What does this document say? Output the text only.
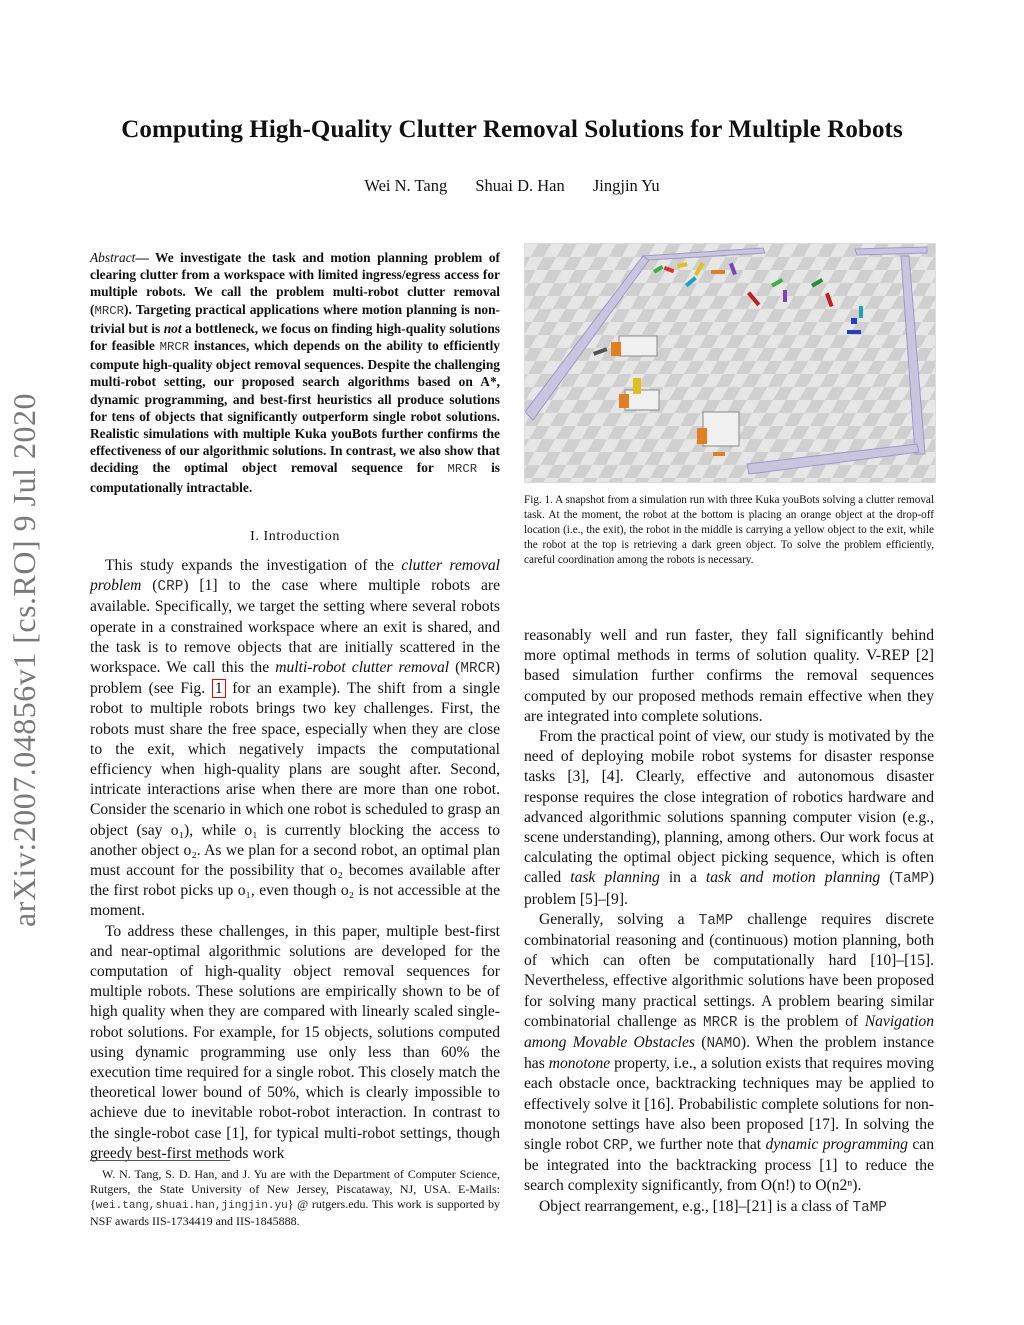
arXiv:2007.04856v1 [cs.RO] 9 Jul 2020
Computing High-Quality Clutter Removal Solutions for Multiple Robots
Wei N. Tang Shuai D. Han Jingjin Yu
Abstract— We investigate the task and motion planning problem of clearing clutter from a workspace with limited ingress/egress access for multiple robots. We call the problem multi-robot clutter removal (MRCR). Targeting practical applications where motion planning is non-trivial but is not a bottleneck, we focus on finding high-quality solutions for feasible MRCR instances, which depends on the ability to efficiently compute high-quality object removal sequences. Despite the challenging multi-robot setting, our proposed search algorithms based on A*, dynamic programming, and best-first heuristics all produce solutions for tens of objects that significantly outperform single robot solutions. Realistic simulations with multiple Kuka youBots further confirms the effectiveness of our algorithmic solutions. In contrast, we also show that deciding the optimal object removal sequence for MRCR is computationally intractable.
I. Introduction

This study expands the investigation of the clutter removal problem (CRP) [1] to the case where multiple robots are available. Specifically, we target the setting where several robots operate in a constrained workspace where an exit is shared, and the task is to remove objects that are initially scattered in the workspace. We call this the multi-robot clutter removal (MRCR) problem (see Fig. 1 for an example). The shift from a single robot to multiple robots brings two key challenges. First, the robots must share the free space, especially when they are close to the exit, which negatively impacts the computational efficiency when high-quality plans are sought after. Second, intricate interactions arise when there are more than one robot. Consider the scenario in which one robot is scheduled to grasp an object (say o₁), while o₁ is currently blocking the access to another object o₂. As we plan for a second robot, an optimal plan must account for the possibility that o₂ becomes available after the first robot picks up o₁, even though o₂ is not accessible at the moment.

To address these challenges, in this paper, multiple best-first and near-optimal algorithmic solutions are developed for the computation of high-quality object removal sequences for multiple robots. These solutions are empirically shown to be of high quality when they are compared with linearly scaled single-robot solutions. For example, for 15 objects, solutions computed using dynamic programming use only less than 60% the execution time required for a single robot. This closely match the theoretical lower bound of 50%, which is clearly impossible to achieve due to inevitable robot-robot interaction. In contrast to the single-robot case [1], for typical multi-robot settings, though greedy best-first methods work

W. N. Tang, S. D. Han, and J. Yu are with the Department of Computer Science, Rutgers, the State University of New Jersey, Piscataway, NJ, USA. E-Mails: {wei.tang,shuai.han,jingjin.yu} @ rutgers.edu. This work is supported by NSF awards IIS-1734419 and IIS-1845888.
Fig. 1. A snapshot from a simulation run with three Kuka youBots solving a clutter removal task. At the moment, the robot at the bottom is placing an orange object at the drop-off location (i.e., the exit), the robot in the middle is carrying a yellow object to the exit, while the robot at the top is retrieving a dark green object. To solve the problem efficiently, careful coordination among the robots is necessary.

reasonably well and run faster, they fall significantly behind more optimal methods in terms of solution quality. V-REP [2] based simulation further confirms the removal sequences computed by our proposed methods remain effective when they are integrated into complete solutions.

From the practical point of view, our study is motivated by the need of deploying mobile robot systems for disaster response tasks [3], [4]. Clearly, effective and autonomous disaster response requires the close integration of robotics hardware and advanced algorithmic solutions spanning computer vision (e.g., scene understanding), planning, among others. Our work focus at calculating the optimal object picking sequence, which is often called task planning in a task and motion planning (TaMP) problem [5]–[9].

Generally, solving a TaMP challenge requires discrete combinatorial reasoning and (continuous) motion planning, both of which can often be computationally hard [10]–[15]. Nevertheless, effective algorithmic solutions have been proposed for solving many practical settings. A problem bearing similar combinatorial challenge as MRCR is the problem of Navigation among Movable Obstacles (NAMO). When the problem instance has monotone property, i.e., a solution exists that requires moving each obstacle once, backtracking techniques may be applied to effectively solve it [16]. Probabilistic complete solutions for non-monotone settings have also been proposed [17]. In solving the single robot CRP, we further note that dynamic programming can be integrated into the backtracking process [1] to reduce the search complexity significantly, from O(n!) to O(n2ⁿ).

Object rearrangement, e.g., [18]–[21] is a class of TaMP
